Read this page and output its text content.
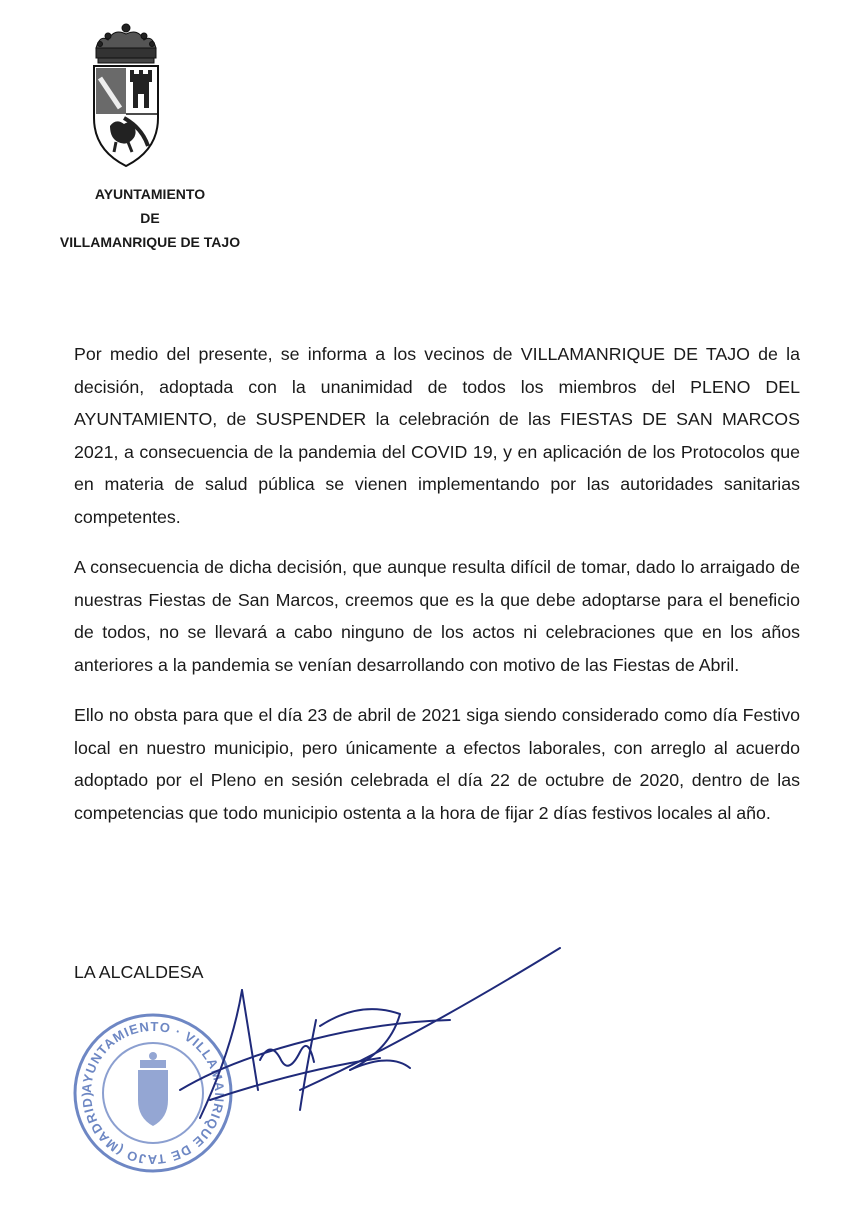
AYUNTAMIENTO
DE
VILLAMANRIQUE DE TAJO

Por medio del presente, se informa a los vecinos de VILLAMANRIQUE DE TAJO de la decisión, adoptada con la unanimidad de todos los miembros del PLENO DEL AYUNTAMIENTO, de SUSPENDER la celebración de las FIESTAS DE SAN MARCOS 2021, a consecuencia de la pandemia del COVID 19, y en aplicación de los Protocolos que en materia de salud pública se vienen implementando por las autoridades sanitarias competentes.

A consecuencia de dicha decisión, que aunque resulta difícil de tomar, dado lo arraigado de nuestras Fiestas de San Marcos, creemos que es la que debe adoptarse para el beneficio de todos, no se llevará a cabo ninguno de los actos ni celebraciones que en los años anteriores a la pandemia se venían desarrollando con motivo de las Fiestas de Abril.

Ello no obsta para que el día 23 de abril de 2021 siga siendo considerado como día Festivo local en nuestro municipio, pero únicamente a efectos laborales, con arreglo al acuerdo adoptado por el Pleno en sesión celebrada el día 22 de octubre de 2020, dentro de las competencias que todo municipio ostenta a la hora de fijar 2 días festivos locales al año.

LA ALCALDESA
AYUNTAMIENTO · VILLAMANRIQUE DE TAJO (MADRID)
